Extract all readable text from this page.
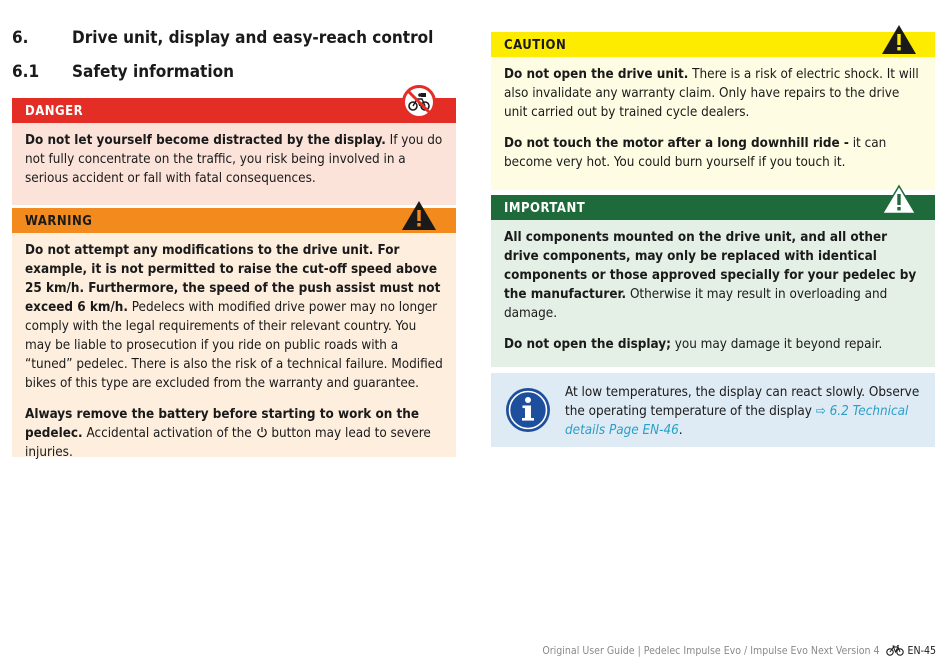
6.	Drive unit, display and easy-reach control
6.1 Safety information
DANGER

Do not let yourself become distracted by the display. If you do not fully concentrate on the traffic, you risk being involved in a serious accident or fall with fatal consequences.

WARNING

Do not attempt any modifications to the drive unit. For example, it is not permitted to raise the cut-off speed above 25 km/h. Furthermore, the speed of the push assist must not exceed 6 km/h. Pedelecs with modified drive power may no longer comply with the legal requirements of their relevant country. You may be liable to prosecution if you ride on public roads with a “tuned” pedelec. There is also the risk of a technical failure. Modified bikes of this type are excluded from the warranty and guarantee.

Always remove the battery before starting to work on the pedelec. Accidental activation of the  button may lead to severe injuries.

CAUTION

Do not open the drive unit. There is a risk of electric shock. It will also invalidate any warranty claim. Only have repairs to the drive unit carried out by trained cycle dealers.

Do not touch the motor after a long downhill ride - it can become very hot. You could burn yourself if you touch it.

IMPORTANT

All components mounted on the drive unit, and all other drive components, may only be replaced with identical components or those approved specially for your pedelec by the manufacturer. Otherwise it may result in overloading and damage.

Do not open the display; you may damage it beyond repair.

At low temperatures, the display can react slowly. Observe the operating temperature of the display ⇨ 6.2 Technical details Page EN-46.
Original User Guide | Pedelec Impulse Evo / Impulse Evo Next Version 4	EN-45
